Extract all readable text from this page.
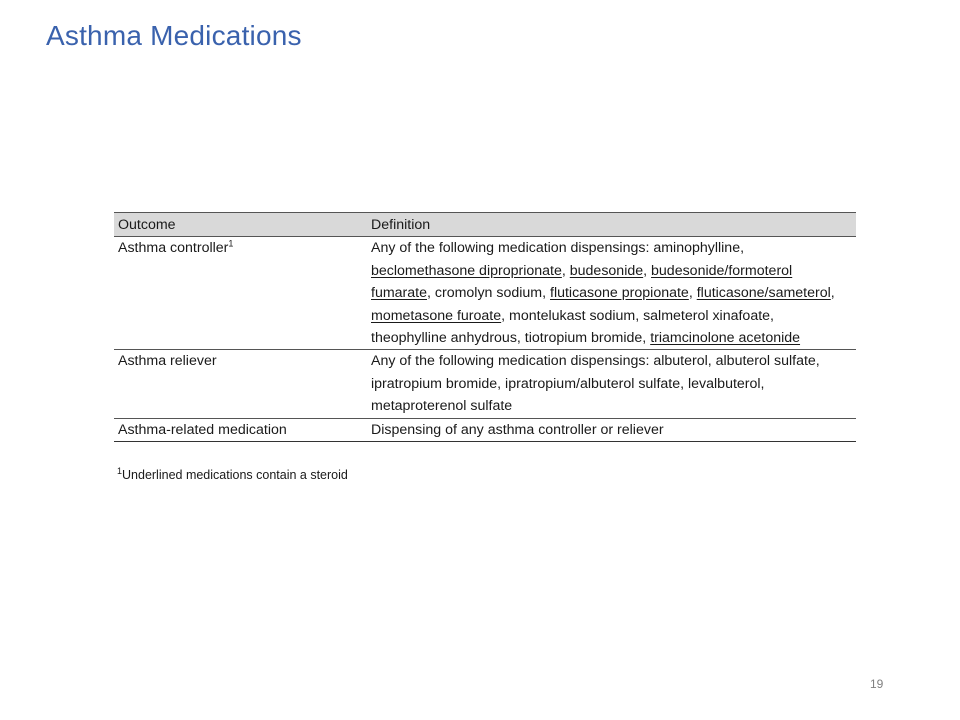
Asthma Medications
Outcome	Definition
Asthma controller$^1$	Any of the following medication dispensings: aminophylline, beclomethasone diproprionate, budesonide, budesonide/formoterol fumarate, cromolyn sodium, fluticasone propionate, fluticasone/sameterol, mometasone furoate, montelukast sodium, salmeterol xinafoate, theophylline anhydrous, tiotropium bromide, triamcinolone acetonide
Asthma reliever	Any of the following medication dispensings: albuterol, albuterol sulfate, ipratropium bromide, ipratropium/albuterol sulfate, levalbuterol, metaproterenol sulfate
Asthma-related medication	Dispensing of any asthma controller or reliever
$^1$Underlined medications contain a steroid
19
